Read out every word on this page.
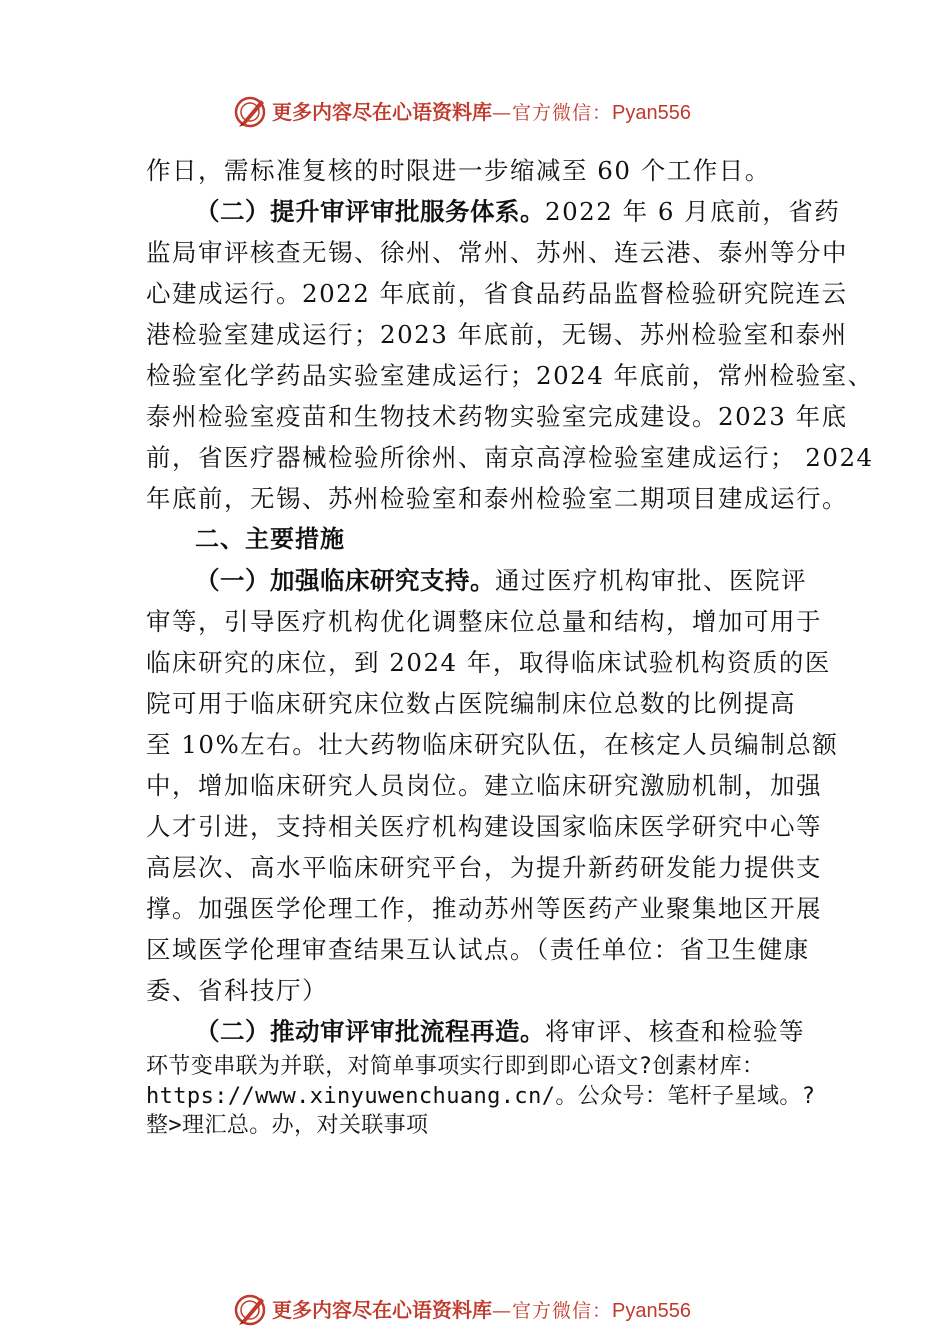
更多内容尽在心语资料库—官方微信：Pyan556
作日，需标准复核的时限进一步缩减至 60 个工作日。
（二）提升审评审批服务体系。2022 年 6 月底前，省药
监局审评核查无锡、徐州、常州、苏州、连云港、泰州等分中
心建成运行。2022 年底前，省食品药品监督检验研究院连云
港检验室建成运行；2023 年底前，无锡、苏州检验室和泰州
检验室化学药品实验室建成运行；2024 年底前，常州检验室、
泰州检验室疫苗和生物技术药物实验室完成建设。2023 年底
前，省医疗器械检验所徐州、南京高淳检验室建成运行； 2024
年底前，无锡、苏州检验室和泰州检验室二期项目建成运行。
二、主要措施
（一）加强临床研究支持。通过医疗机构审批、医院评
审等，引导医疗机构优化调整床位总量和结构，增加可用于
临床研究的床位，到 2024 年，取得临床试验机构资质的医
院可用于临床研究床位数占医院编制床位总数的比例提高
至 10%左右。壮大药物临床研究队伍，在核定人员编制总额
中，增加临床研究人员岗位。建立临床研究激励机制，加强
人才引进，支持相关医疗机构建设国家临床医学研究中心等
高层次、高水平临床研究平台，为提升新药研发能力提供支
撑。加强医学伦理工作，推动苏州等医药产业聚集地区开展
区域医学伦理审查结果互认试点。（责任单位：省卫生健康
委、省科技厅）
（二）推动审评审批流程再造。将审评、核查和检验等
环节变串联为并联，对简单事项实行即到即心语文?创素材库：
https://www.xinyuwenchuang.cn/。公众号：笔杆子星域。?
整>理汇总。办，对关联事项
更多内容尽在心语资料库—官方微信：Pyan556
